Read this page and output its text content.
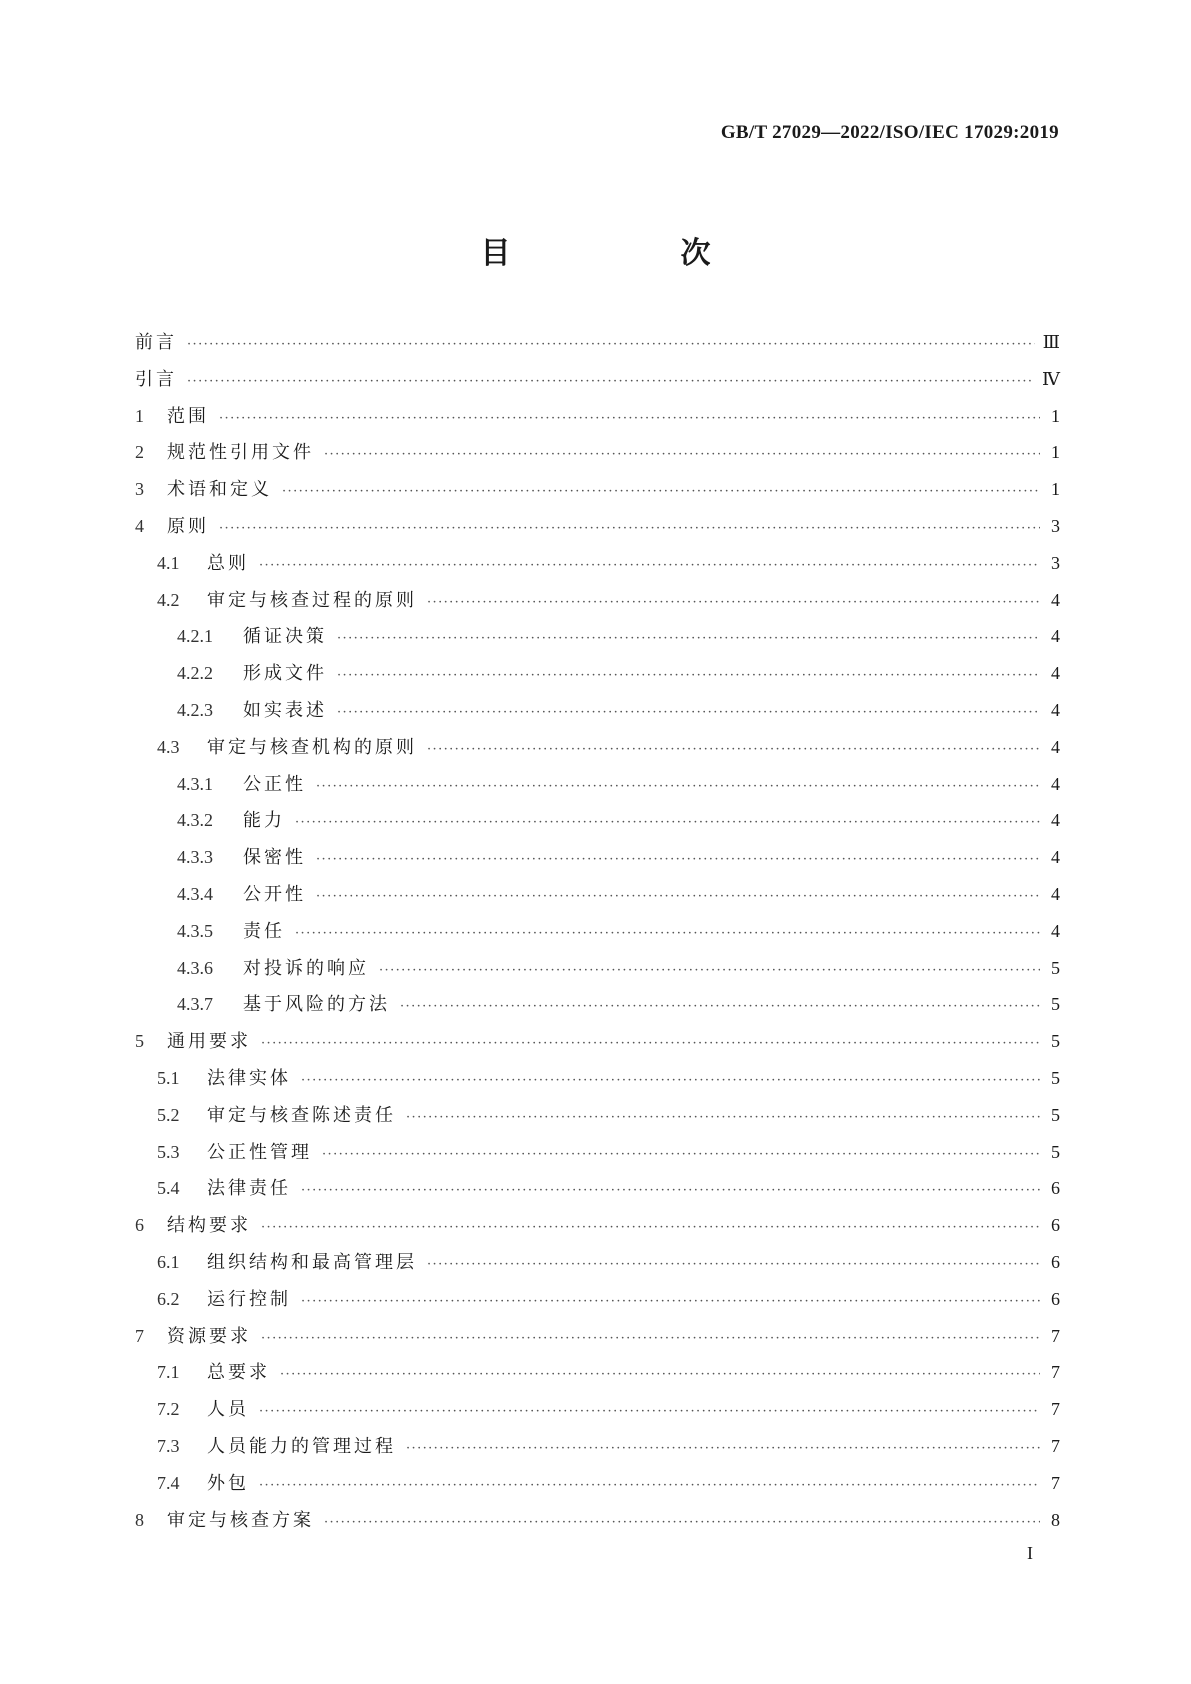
GB/T 27029—2022/ISO/IEC 17029:2019
目　次
前言 ·····	Ⅲ
引言 ·····	Ⅳ
1	范围 ·····	1
2	规范性引用文件 ·····	1
3	术语和定义 ·····	1
4	原则 ·····	3
4.1	总则 ·····	3
4.2	审定与核查过程的原则 ·····	4
4.2.1	循证决策 ·····	4
4.2.2	形成文件 ·····	4
4.2.3	如实表述 ·····	4
4.3	审定与核查机构的原则 ·····	4
4.3.1	公正性 ·····	4
4.3.2	能力 ·····	4
4.3.3	保密性 ·····	4
4.3.4	公开性 ·····	4
4.3.5	责任 ·····	4
4.3.6	对投诉的响应 ·····	5
4.3.7	基于风险的方法 ·····	5
5	通用要求 ·····	5
5.1	法律实体 ·····	5
5.2	审定与核查陈述责任 ·····	5
5.3	公正性管理 ·····	5
5.4	法律责任 ·····	6
6	结构要求 ·····	6
6.1	组织结构和最高管理层 ·····	6
6.2	运行控制 ·····	6
7	资源要求 ·····	7
7.1	总要求 ·····	7
7.2	人员 ·····	7
7.3	人员能力的管理过程 ·····	7
7.4	外包 ·····	7
8	审定与核查方案 ·····	8
I
